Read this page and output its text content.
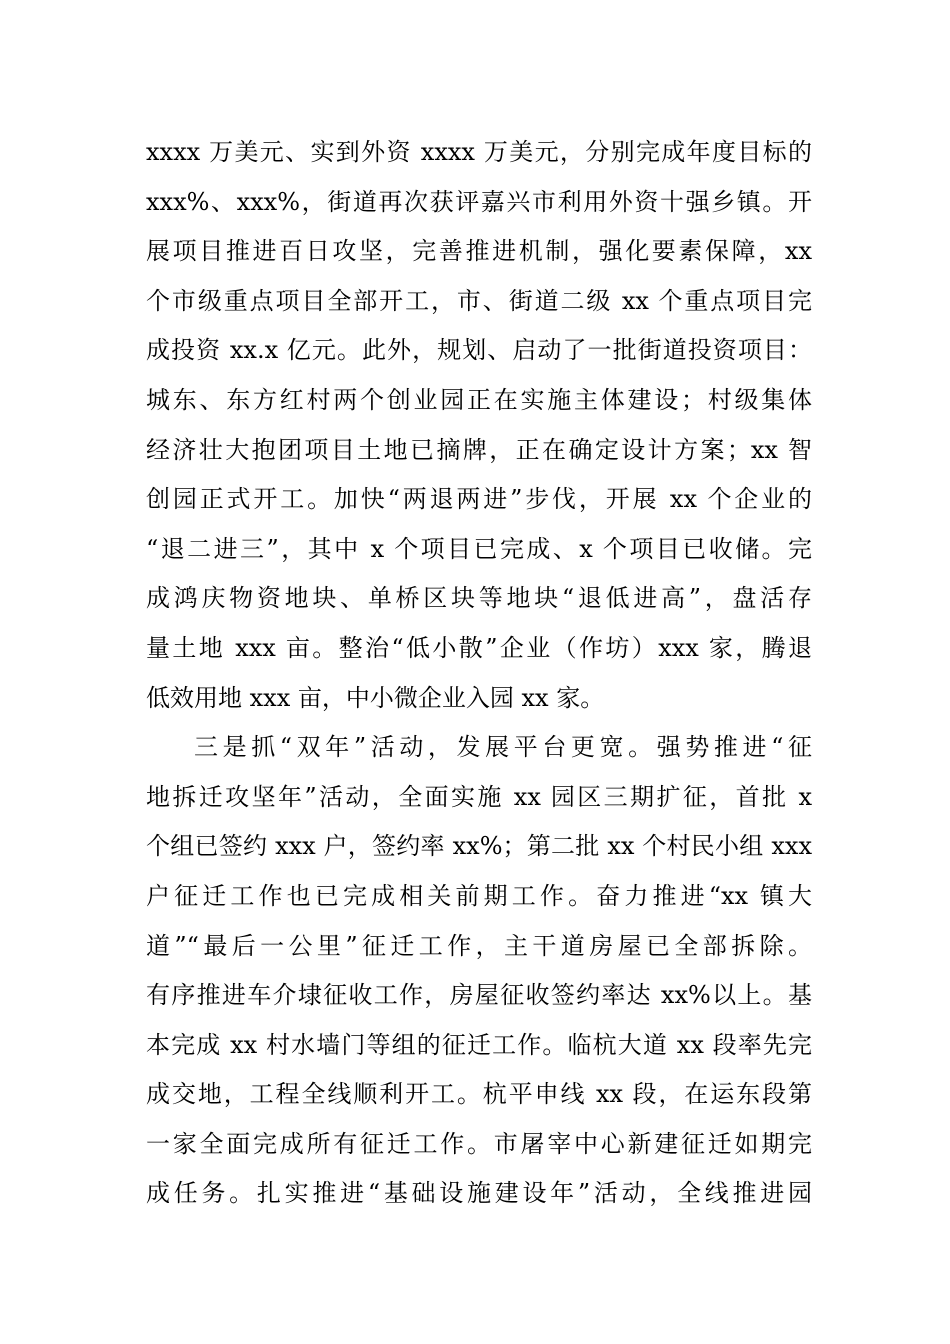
xxxx 万美元、实到外资 xxxx 万美元，分别完成年度目标的
xxx%、xxx%，街道再次获评嘉兴市利用外资十强乡镇。开
展项目推进百日攻坚，完善推进机制，强化要素保障，xx
个市级重点项目全部开工，市、街道二级 xx 个重点项目完
成投资 xx.x 亿元。此外，规划、启动了一批街道投资项目：
城东、东方红村两个创业园正在实施主体建设；村级集体
经济壮大抱团项目土地已摘牌，正在确定设计方案；xx 智
创园正式开工。加快“两退两进”步伐，开展 xx 个企业的
“退二进三”，其中 x 个项目已完成、x 个项目已收储。完
成鸿庆物资地块、单桥区块等地块“退低进高”，盘活存
量土地 xxx 亩。整治“低小散”企业（作坊）xxx 家，腾退
低效用地 xxx 亩，中小微企业入园 xx 家。
三是抓“双年”活动，发展平台更宽。强势推进“征
地拆迁攻坚年”活动，全面实施 xx 园区三期扩征，首批 x
个组已签约 xxx 户，签约率 xx%；第二批 xx 个村民小组 xxx
户征迁工作也已完成相关前期工作。奋力推进“xx 镇大
道”“最后一公里”征迁工作，主干道房屋已全部拆除。
有序推进车介埭征收工作，房屋征收签约率达 xx%以上。基
本完成 xx 村水墙门等组的征迁工作。临杭大道 xx 段率先完
成交地，工程全线顺利开工。杭平申线 xx 段，在运东段第
一家全面完成所有征迁工作。市屠宰中心新建征迁如期完
成任务。扎实推进“基础设施建设年”活动，全线推进园
